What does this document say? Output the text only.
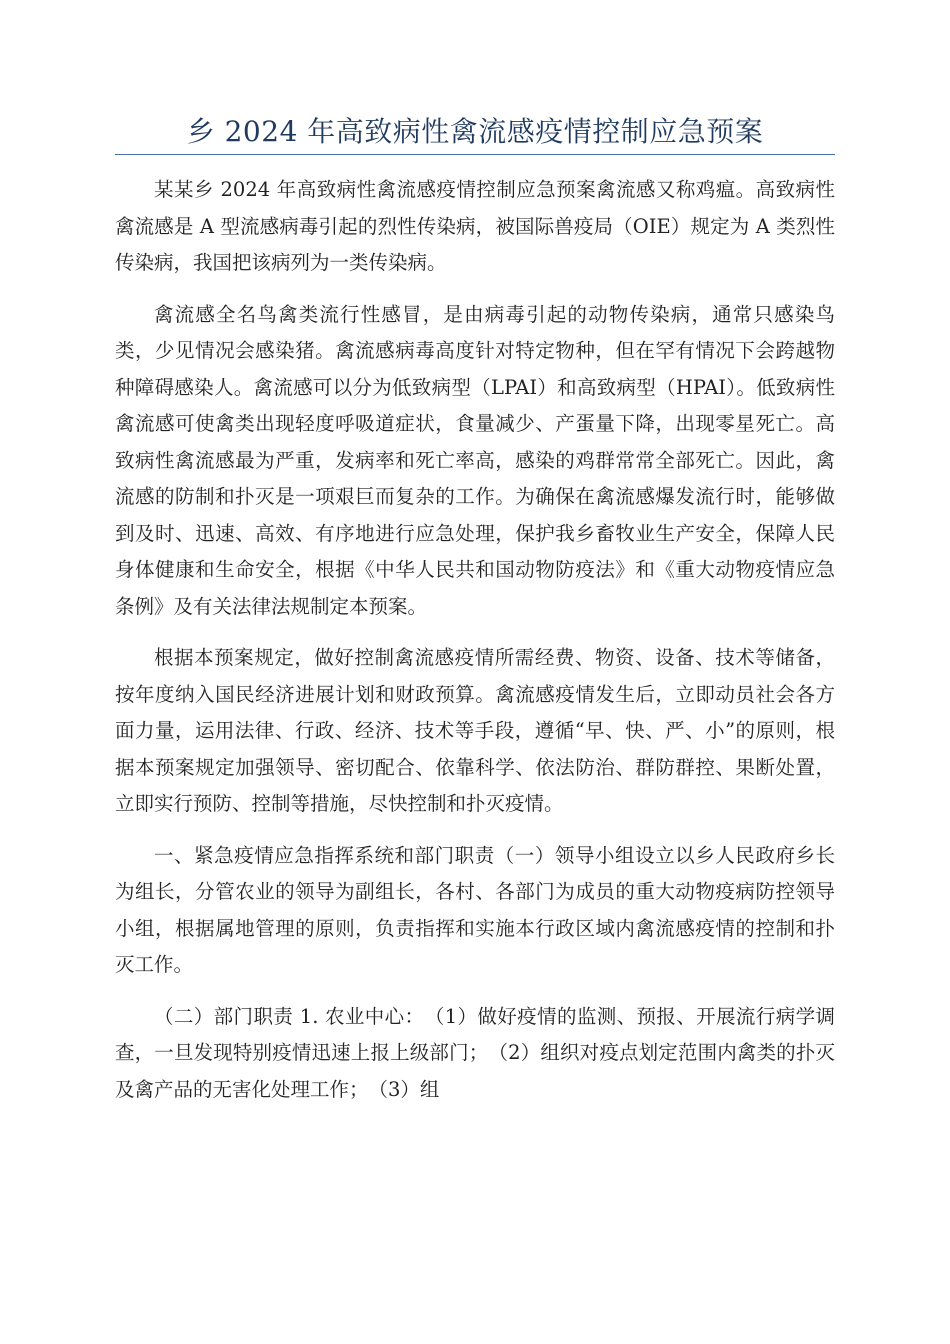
乡 2024 年高致病性禽流感疫情控制应急预案

某某乡 2024 年高致病性禽流感疫情控制应急预案禽流感又称鸡瘟。高致病性禽流感是 A 型流感病毒引起的烈性传染病，被国际兽疫局（OIE）规定为 A 类烈性传染病，我国把该病列为一类传染病。

禽流感全名鸟禽类流行性感冒，是由病毒引起的动物传染病，通常只感染鸟类，少见情况会感染猪。禽流感病毒高度针对特定物种，但在罕有情况下会跨越物种障碍感染人。禽流感可以分为低致病型（LPAI）和高致病型（HPAI）。低致病性禽流感可使禽类出现轻度呼吸道症状，食量减少、产蛋量下降，出现零星死亡。高致病性禽流感最为严重，发病率和死亡率高，感染的鸡群常常全部死亡。因此，禽流感的防制和扑灭是一项艰巨而复杂的工作。为确保在禽流感爆发流行时，能够做到及时、迅速、高效、有序地进行应急处理，保护我乡畜牧业生产安全，保障人民身体健康和生命安全，根据《中华人民共和国动物防疫法》和《重大动物疫情应急条例》及有关法律法规制定本预案。

根据本预案规定，做好控制禽流感疫情所需经费、物资、设备、技术等储备，按年度纳入国民经济进展计划和财政预算。禽流感疫情发生后，立即动员社会各方面力量，运用法律、行政、经济、技术等手段，遵循“早、快、严、小”的原则，根据本预案规定加强领导、密切配合、依靠科学、依法防治、群防群控、果断处置，立即实行预防、控制等措施，尽快控制和扑灭疫情。

一、紧急疫情应急指挥系统和部门职责（一）领导小组设立以乡人民政府乡长为组长，分管农业的领导为副组长，各村、各部门为成员的重大动物疫病防控领导小组，根据属地管理的原则，负责指挥和实施本行政区域内禽流感疫情的控制和扑灭工作。

（二）部门职责 1. 农业中心：　（1）做好疫情的监测、预报、开展流行病学调查，一旦发现特别疫情迅速上报上级部门；　（2）组织对疫点划定范围内禽类的扑灭及禽产品的无害化处理工作；　（3）组
